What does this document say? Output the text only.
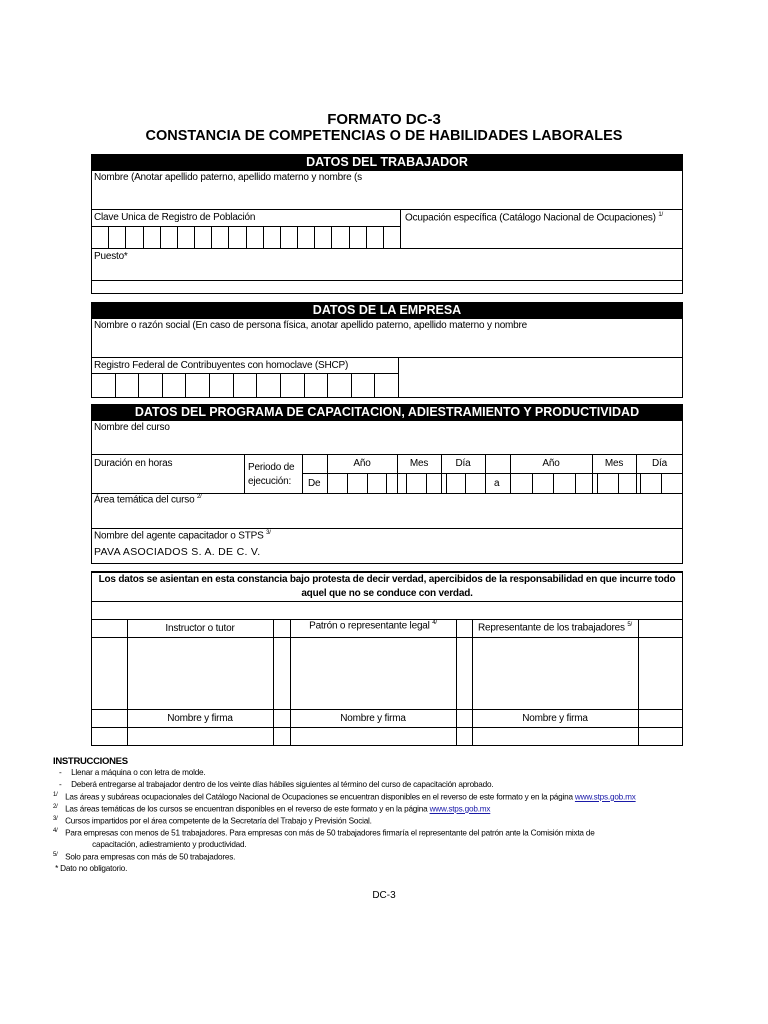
FORMATO DC-3
CONSTANCIA DE COMPETENCIAS O DE HABILIDADES LABORALES
DATOS DEL TRABAJADOR
Nombre (Anotar apellido paterno, apellido materno y nombre (s
Clave Unica de Registro de Población	Ocupación específica (Catálogo Nacional de Ocupaciones) $^{1/}$
Puesto*
DATOS DE LA EMPRESA
Nombre o razón social (En caso de persona física, anotar apellido paterno, apellido materno y nombre
Registro Federal de Contribuyentes con homoclave (SHCP)
DATOS DEL PROGRAMA DE CAPACITACION, ADIESTRAMIENTO Y PRODUCTIVIDAD
Nombre del curso
Duración en horas	Periodo de
ejecución:
Año	Mes	Día	Año	Mes	Día
De	a
Área temática del curso $^{2/}$
Nombre del agente capacitador o STPS $^{3/}$
PAVA ASOCIADOS S. A. DE C. V.
Los datos se asientan en esta constancia bajo protesta de decir verdad, apercibidos de la responsabilidad en que incurre todo
aquel que no se conduce con verdad.
Instructor o tutor	Patrón o representante legal $^{4/}$	Representante de los trabajadores $^{5/}$
Nombre y firma	Nombre y firma	Nombre y firma
INSTRUCCIONES
- Llenar a máquina o con letra de molde.
- Deberá entregarse al trabajador dentro de los veinte días hábiles siguientes al término del curso de capacitación aprobado.
1/ Las áreas y subáreas ocupacionales del Catálogo Nacional de Ocupaciones se encuentran disponibles en el reverso de este formato y en la página www.stps.gob.mx
2/ Las áreas temáticas de los cursos se encuentran disponibles en el reverso de este formato y en la página www.stps.gob.mx
3/ Cursos impartidos por el área competente de la Secretaría del Trabajo y Previsión Social.
4/ Para empresas con menos de 51 trabajadores. Para empresas con más de 50 trabajadores firmaría el representante del patrón ante la Comisión mixta de
capacitación, adiestramiento y productividad.
5/ Solo para empresas con más de 50 trabajadores.
* Dato no obligatorio.
DC-3
